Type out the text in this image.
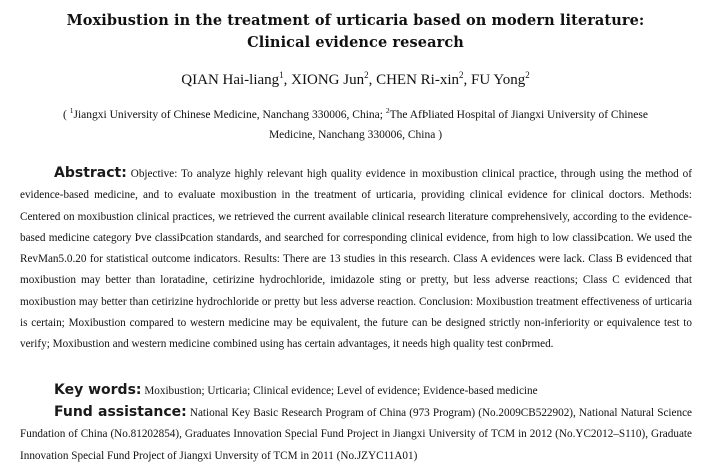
Moxibustion in the treatment of urticaria based on modern literature:
Clinical evidence research
QIAN Hai-liang$^1$, XIONG Jun$^2$, CHEN Ri-xin$^2$, FU Yong$^2$
( $^1$Jiangxi University of Chinese Medicine, Nanchang 330006, China; $^2$The AfÞliated Hospital of Jiangxi University of Chinese
Medicine, Nanchang 330006, China )
Abstract: Objective: To analyze highly relevant high quality evidence in moxibustion clinical practice, through using the method of evidence-based medicine, and to evaluate moxibustion in the treatment of urticaria, providing clinical evidence for clinical doctors. Methods: Centered on moxibustion clinical practices, we retrieved the current available clinical research literature comprehensively, according to the evidence-based medicine category Þve classiÞcation standards, and searched for corresponding clinical evidence, from high to low classiÞcation. We used the RevMan5.0.20 for statistical outcome indicators. Results: There are 13 studies in this research. Class A evidences were lack. Class B evidenced that moxibustion may better than loratadine, cetirizine hydrochloride, imidazole sting or pretty, but less adverse reactions; Class C evidenced that moxibustion may better than cetirizine hydrochloride or pretty but less adverse reaction. Conclusion: Moxibustion treatment effectiveness of urticaria is certain; Moxibustion compared to western medicine may be equivalent, the future can be designed strictly non-inferiority or equivalence test to verify; Moxibustion and western medicine combined using has certain advantages, it needs high quality test conÞrmed.
Key words: Moxibustion; Urticaria; Clinical evidence; Level of evidence; Evidence-based medicine
Fund assistance: National Key Basic Research Program of China (973 Program) (No.2009CB522902), National Natural Science Fundation of China (No.81202854), Graduates Innovation Special Fund Project in Jiangxi University of TCM in 2012 (No.YC2012–S110), Graduate Innovation Special Fund Project of Jiangxi Unversity of TCM in 2011 (No.JZYC11A01)
